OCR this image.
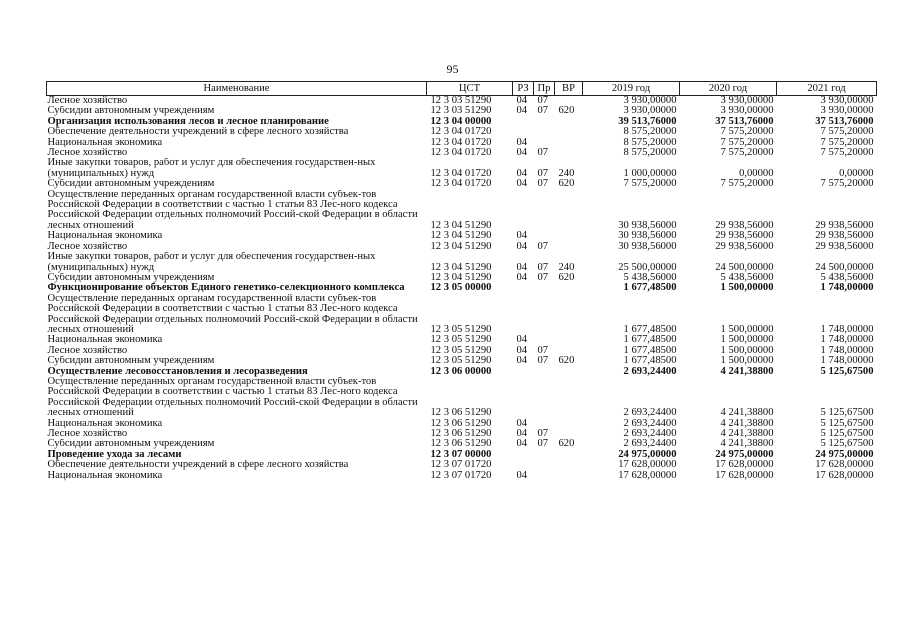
95
Наименование	ЦСТ	РЗ	Пр	ВР	2019 год	2020 год	2021 год
Лесное хозяйство	12 3 03 51290	04	07		3 930,00000	3 930,00000	3 930,00000
Субсидии автономным учреждениям	12 3 03 51290	04	07	620	3 930,00000	3 930,00000	3 930,00000
Организация использования лесов и лесное планирование	12 3 04 00000				39 513,76000	37 513,76000	37 513,76000
Обеспечение деятельности учреждений в сфере лесного хозяйства	12 3 04 01720				8 575,20000	7 575,20000	7 575,20000
Национальная экономика	12 3 04 01720	04			8 575,20000	7 575,20000	7 575,20000
Лесное хозяйство	12 3 04 01720	04	07		8 575,20000	7 575,20000	7 575,20000
Иные закупки товаров, работ и услуг для обеспечения государствен-ных (муниципальных) нужд	12 3 04 01720	04	07	240	1 000,00000	0,00000	0,00000
Субсидии автономным учреждениям	12 3 04 01720	04	07	620	7 575,20000	7 575,20000	7 575,20000
Осуществление переданных органам государственной власти субъек-тов Российской Федерации в соответствии с частью 1 статьи 83 Лес-ного кодекса Российской Федерации отдельных полномочий Россий-ской Федерации в области лесных отношений	12 3 04 51290				30 938,56000	29 938,56000	29 938,56000
Национальная экономика	12 3 04 51290	04			30 938,56000	29 938,56000	29 938,56000
Лесное хозяйство	12 3 04 51290	04	07		30 938,56000	29 938,56000	29 938,56000
Иные закупки товаров, работ и услуг для обеспечения государствен-ных (муниципальных) нужд	12 3 04 51290	04	07	240	25 500,00000	24 500,00000	24 500,00000
Субсидии автономным учреждениям	12 3 04 51290	04	07	620	5 438,56000	5 438,56000	5 438,56000
Функционирование объектов Единого генетико-селекционного комплекса	12 3 05 00000				1 677,48500	1 500,00000	1 748,00000
Осуществление переданных органам государственной власти субъек-тов Российской Федерации в соответствии с частью 1 статьи 83 Лес-ного кодекса Российской Федерации отдельных полномочий Россий-ской Федерации в области лесных отношений	12 3 05 51290				1 677,48500	1 500,00000	1 748,00000
Национальная экономика	12 3 05 51290	04			1 677,48500	1 500,00000	1 748,00000
Лесное хозяйство	12 3 05 51290	04	07		1 677,48500	1 500,00000	1 748,00000
Субсидии автономным учреждениям	12 3 05 51290	04	07	620	1 677,48500	1 500,00000	1 748,00000
Осуществление лесовосстановления и лесоразведения	12 3 06 00000				2 693,24400	4 241,38800	5 125,67500
Осуществление переданных органам государственной власти субъек-тов Российской Федерации в соответствии с частью 1 статьи 83 Лес-ного кодекса Российской Федерации отдельных полномочий Россий-ской Федерации в области лесных отношений	12 3 06 51290				2 693,24400	4 241,38800	5 125,67500
Национальная экономика	12 3 06 51290	04			2 693,24400	4 241,38800	5 125,67500
Лесное хозяйство	12 3 06 51290	04	07		2 693,24400	4 241,38800	5 125,67500
Субсидии автономным учреждениям	12 3 06 51290	04	07	620	2 693,24400	4 241,38800	5 125,67500
Проведение ухода за лесами	12 3 07 00000				24 975,00000	24 975,00000	24 975,00000
Обеспечение деятельности учреждений в сфере лесного хозяйства	12 3 07 01720				17 628,00000	17 628,00000	17 628,00000
Национальная экономика	12 3 07 01720	04			17 628,00000	17 628,00000	17 628,00000
